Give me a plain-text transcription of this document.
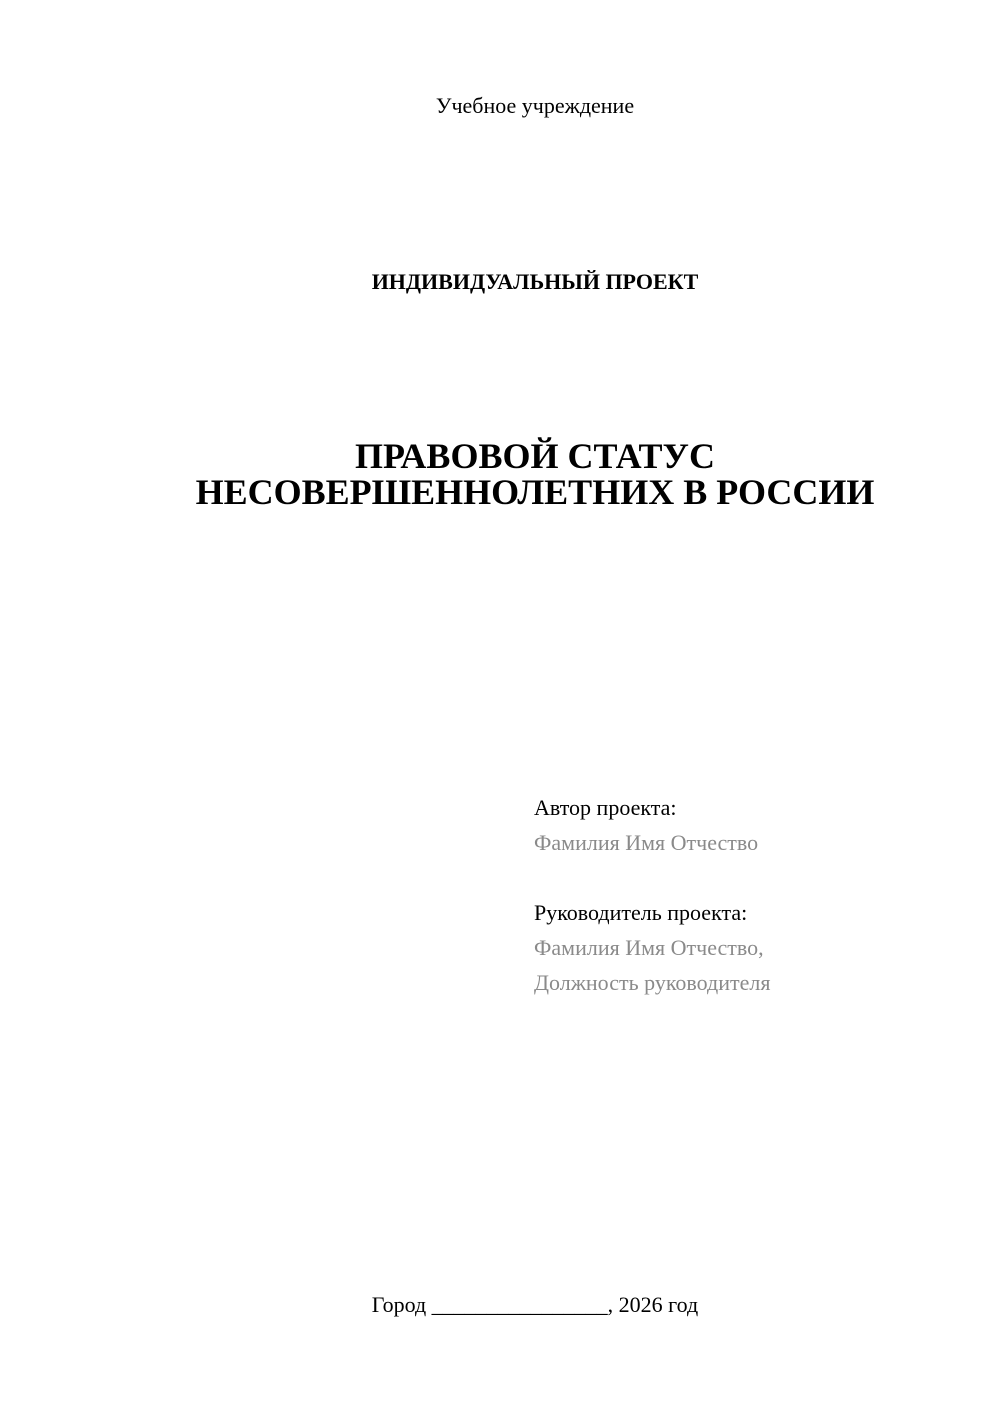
Учебное учреждение
ИНДИВИДУАЛЬНЫЙ ПРОЕКТ
ПРАВОВОЙ СТАТУС
НЕСОВЕРШЕННОЛЕТНИХ В РОССИИ
Автор проекта:
Фамилия Имя Отчество
Руководитель проекта:
Фамилия Имя Отчество,
Должность руководителя
Город ________________, 2026 год
